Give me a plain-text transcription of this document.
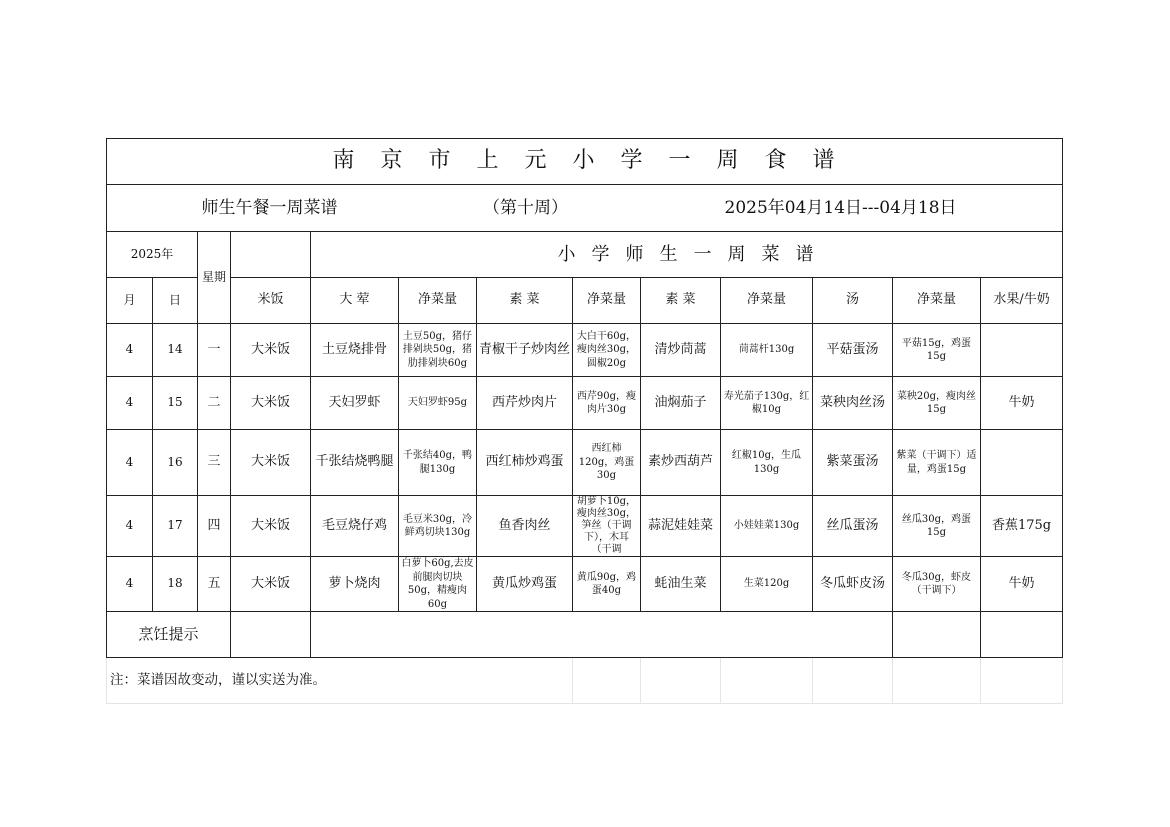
南京市上元小学一周食谱												
师生午餐一周菜谱 （第十周） 2025年04月14日---04月18日												
2025年		星期		小学师生一周菜谱								
月	日		米饭	大 荤	净菜量	素 菜	净菜量	素 菜	净菜量	汤	净菜量	水果/牛奶
4	14	一	大米饭	土豆烧排骨	土豆50g，猪仔排剁块50g，猪肋排剁块60g	青椒干子炒肉丝	大白干60g，瘦肉丝30g，圆椒20g	清炒茼蒿	茼蒿杆130g	平菇蛋汤	平菇15g，鸡蛋15g	
4	15	二	大米饭	天妇罗虾	天妇罗虾95g	西芹炒肉片	西芹90g，瘦肉片30g	油焖茄子	寿光茄子130g，红椒10g	菜秧肉丝汤	菜秧20g，瘦肉丝15g	牛奶
4	16	三	大米饭	千张结烧鸭腿	千张结40g，鸭腿130g	西红柿炒鸡蛋	西红柿120g，鸡蛋30g	素炒西葫芦	红椒10g，生瓜130g	紫菜蛋汤	紫菜（干调下）适量，鸡蛋15g	
4	17	四	大米饭	毛豆烧仔鸡	毛豆米30g，冷鲜鸡切块130g	鱼香肉丝	胡萝卜10g，瘦肉丝30g，笋丝（干调下），木耳（干调	蒜泥娃娃菜	小娃娃菜130g	丝瓜蛋汤	丝瓜30g，鸡蛋15g	香蕉175g
4	18	五	大米饭	萝卜烧肉	白萝卜60g,去皮前腿肉切块50g，精瘦肉60g	黄瓜炒鸡蛋	黄瓜90g，鸡蛋40g	蚝油生菜	生菜120g	冬瓜虾皮汤	冬瓜30g，虾皮（干调下）	牛奶
烹饪提示												
注：菜谱因故变动，谨以实送为准。												
